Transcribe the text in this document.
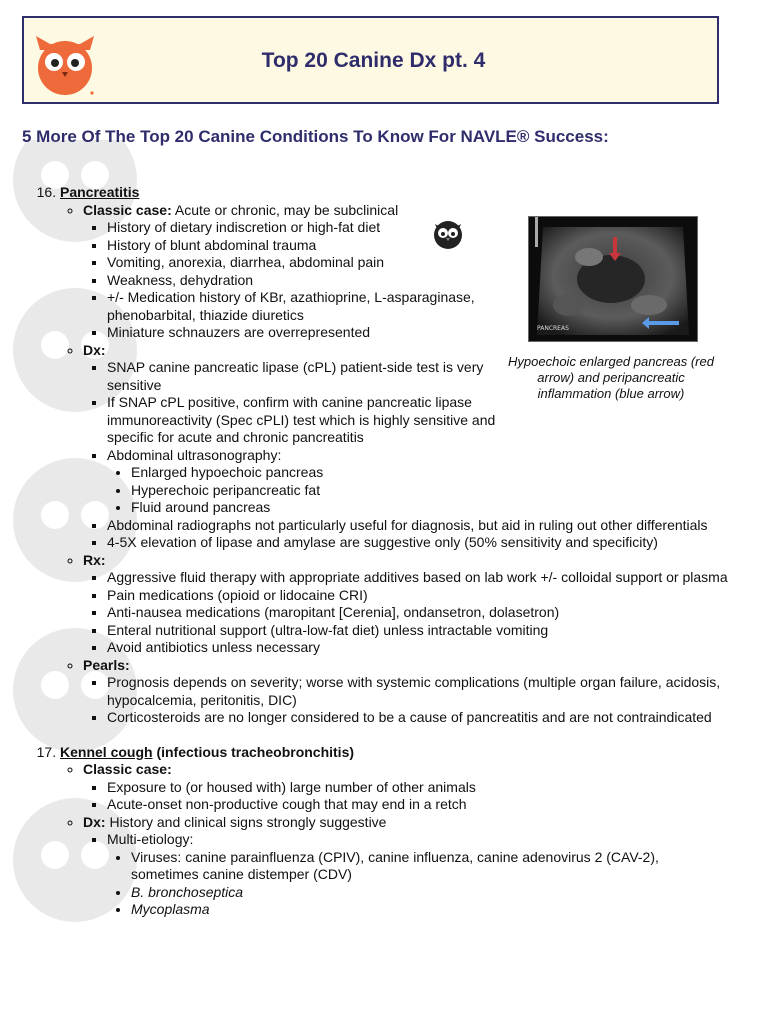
Top 20 Canine Dx pt. 4
5 More Of The Top 20 Canine Conditions To Know For NAVLE® Success:
PANCREAS
Hypoechoic enlarged pancreas (red arrow) and peripancreatic inflammation (blue arrow)
16. Pancreatitis
◦ Classic case: Acute or chronic, may be subclinical
▪ History of dietary indiscretion or high-fat diet
▪ History of blunt abdominal trauma
▪ Vomiting, anorexia, diarrhea, abdominal pain
▪ Weakness, dehydration
▪ +/- Medication history of KBr, azathioprine, L-asparaginase, phenobarbital, thiazide diuretics
▪ Miniature schnauzers are overrepresented
◦ Dx:
▪ SNAP canine pancreatic lipase (cPL) patient-side test is very sensitive
▪ If SNAP cPL positive, confirm with canine pancreatic lipase immunoreactivity (Spec cPLI) test which is highly sensitive and specific for acute and chronic pancreatitis
▪ Abdominal ultrasonography:
• Enlarged hypoechoic pancreas
• Hyperechoic peripancreatic fat
• Fluid around pancreas
▪ Abdominal radiographs not particularly useful for diagnosis, but aid in ruling out other differentials
▪ 4-5X elevation of lipase and amylase are suggestive only (50% sensitivity and specificity)
◦ Rx:
▪ Aggressive fluid therapy with appropriate additives based on lab work +/- colloidal support or plasma
▪ Pain medications (opioid or lidocaine CRI)
▪ Anti-nausea medications (maropitant [Cerenia], ondansetron, dolasetron)
▪ Enteral nutritional support (ultra-low-fat diet) unless intractable vomiting
▪ Avoid antibiotics unless necessary
◦ Pearls:
▪ Prognosis depends on severity; worse with systemic complications (multiple organ failure, acidosis, hypocalcemia, peritonitis, DIC)
▪ Corticosteroids are no longer considered to be a cause of pancreatitis and are not contraindicated
17. Kennel cough (infectious tracheobronchitis)
◦ Classic case:
▪ Exposure to (or housed with) large number of other animals
▪ Acute-onset non-productive cough that may end in a retch
◦ Dx: History and clinical signs strongly suggestive
▪ Multi-etiology:
• Viruses: canine parainfluenza (CPIV), canine influenza, canine adenovirus 2 (CAV-2), sometimes canine distemper (CDV)
• B. bronchoseptica
• Mycoplasma
